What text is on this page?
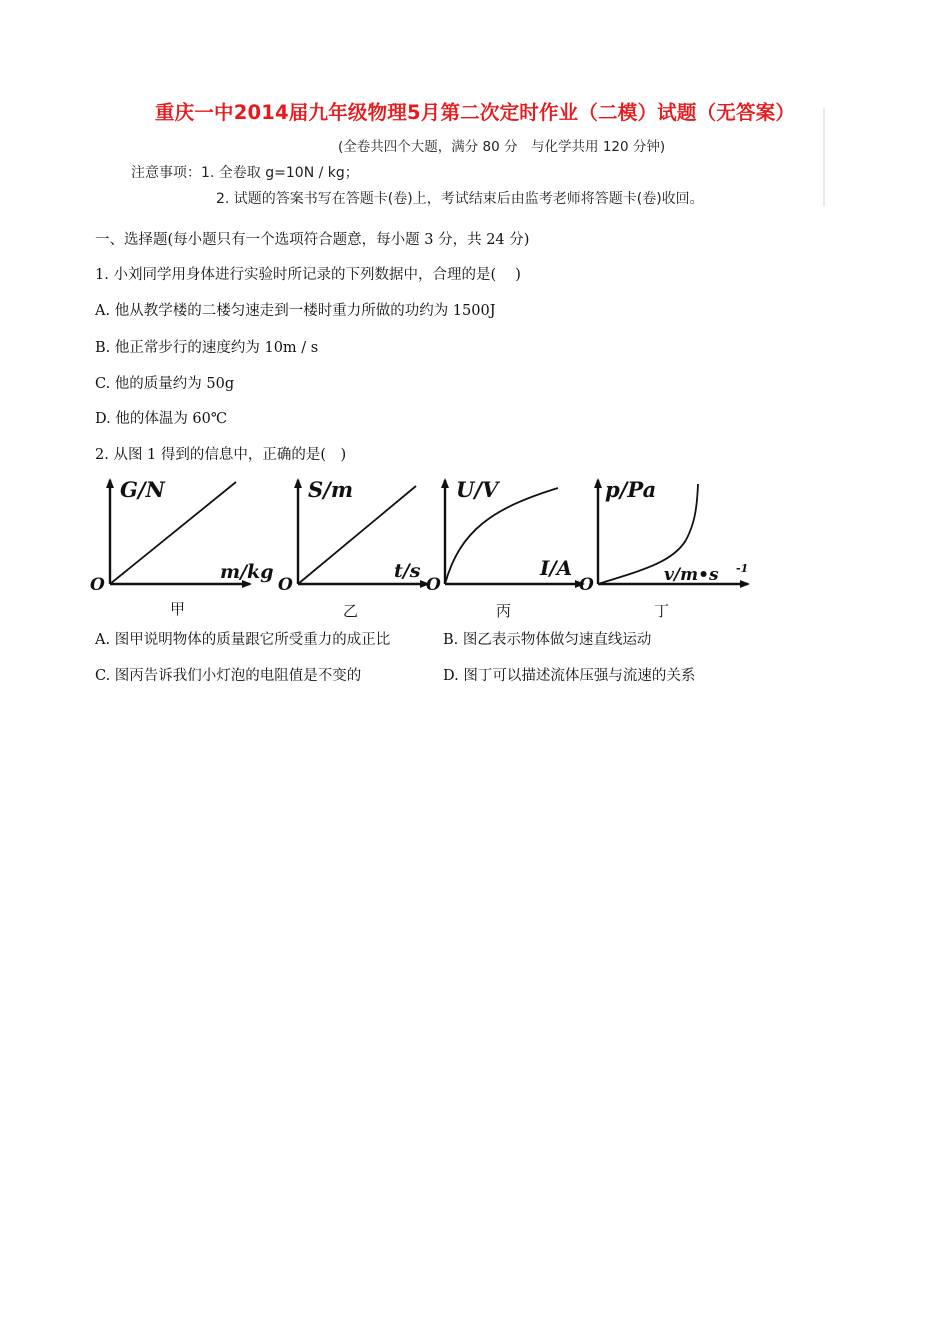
重庆一中2014届九年级物理5月第二次定时作业（二模）试题（无答案）
(全卷共四个大题，满分 80 分　与化学共用 120 分钟)
注意事项：1. 全卷取 g=10N / kg；
2. 试题的答案书写在答题卡(卷)上，考试结束后由监考老师将答题卡(卷)收回。
一、选择题(每小题只有一个选项符合题意，每小题 3 分，共 24 分)
1. 小刘同学用身体进行实验时所记录的下列数据中，合理的是(　 )
A. 他从教学楼的二楼匀速走到一楼时重力所做的功约为 1500J
B. 他正常步行的速度约为 10m / s
C. 他的质量约为 50g
D. 他的体温为 60℃
2. 从图 1 得到的信息中，正确的是(　)
G/N
O
m/kg
甲
S/m
O
t/s
乙
U/V
O
I/A
丙
p/Pa
O	v/m•s -1
丁
A. 图甲说明物体的质量跟它所受重力的成正比	B. 图乙表示物体做匀速直线运动
C. 图丙告诉我们小灯泡的电阻值是不变的	D. 图丁可以描述流体压强与流速的关系
